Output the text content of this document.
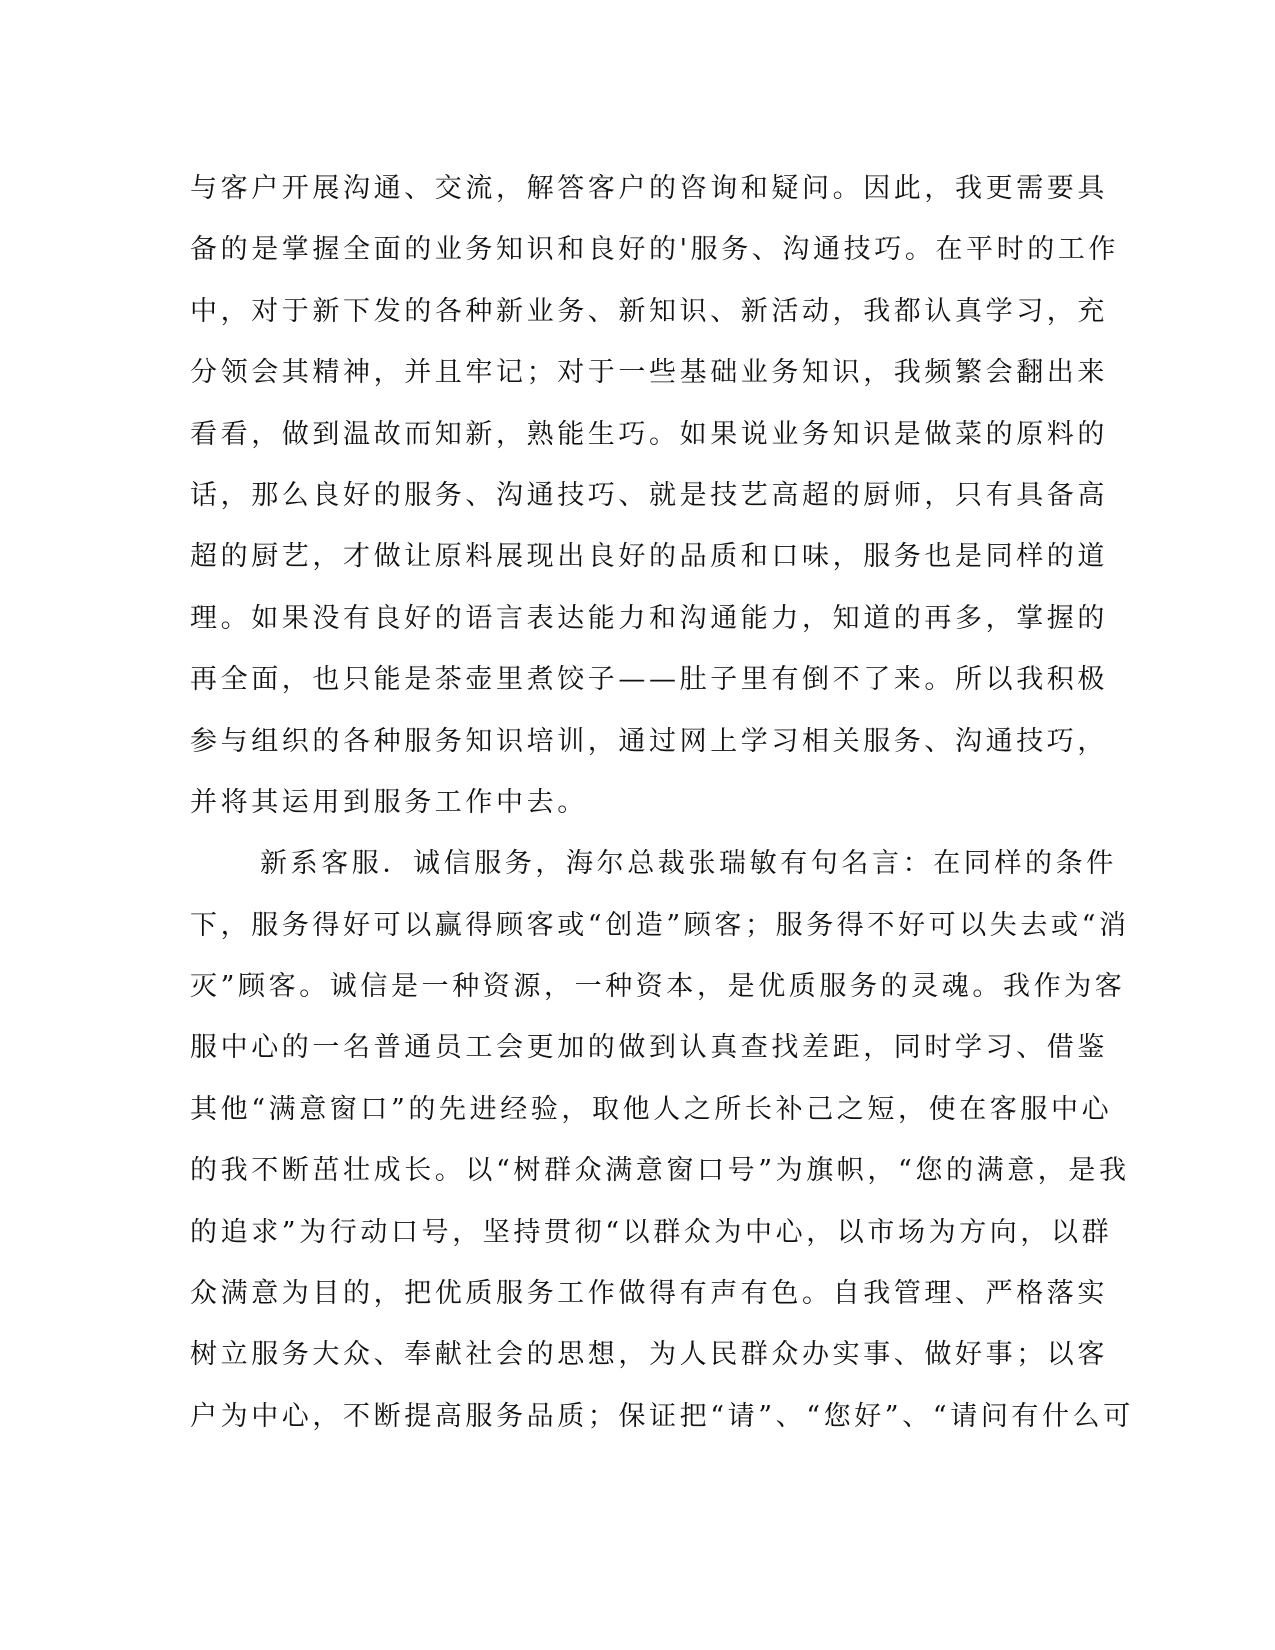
与客户开展沟通、交流，解答客户的咨询和疑问。因此，我更需要具
备的是掌握全面的业务知识和良好的'服务、沟通技巧。在平时的工作
中，对于新下发的各种新业务、新知识、新活动，我都认真学习，充
分领会其精神，并且牢记；对于一些基础业务知识，我频繁会翻出来
看看，做到温故而知新，熟能生巧。如果说业务知识是做菜的原料的
话，那么良好的服务、沟通技巧、就是技艺高超的厨师，只有具备高
超的厨艺，才做让原料展现出良好的品质和口味，服务也是同样的道
理。如果没有良好的语言表达能力和沟通能力，知道的再多，掌握的
再全面，也只能是茶壶里煮饺子——肚子里有倒不了来。所以我积极
参与组织的各种服务知识培训，通过网上学习相关服务、沟通技巧，
并将其运用到服务工作中去。
新系客服．诚信服务，海尔总裁张瑞敏有句名言：在同样的条件
下，服务得好可以赢得顾客或“创造”顾客；服务得不好可以失去或“消
灭”顾客。诚信是一种资源，一种资本，是优质服务的灵魂。我作为客
服中心的一名普通员工会更加的做到认真查找差距，同时学习、借鉴
其他“满意窗口”的先进经验，取他人之所长补己之短，使在客服中心
的我不断茁壮成长。以“树群众满意窗口号”为旗帜，“您的满意，是我
的追求”为行动口号，坚持贯彻“以群众为中心，以市场为方向，以群
众满意为目的，把优质服务工作做得有声有色。自我管理、严格落实
树立服务大众、奉献社会的思想，为人民群众办实事、做好事；以客
户为中心，不断提高服务品质；保证把“请”、“您好”、“请问有什么可
